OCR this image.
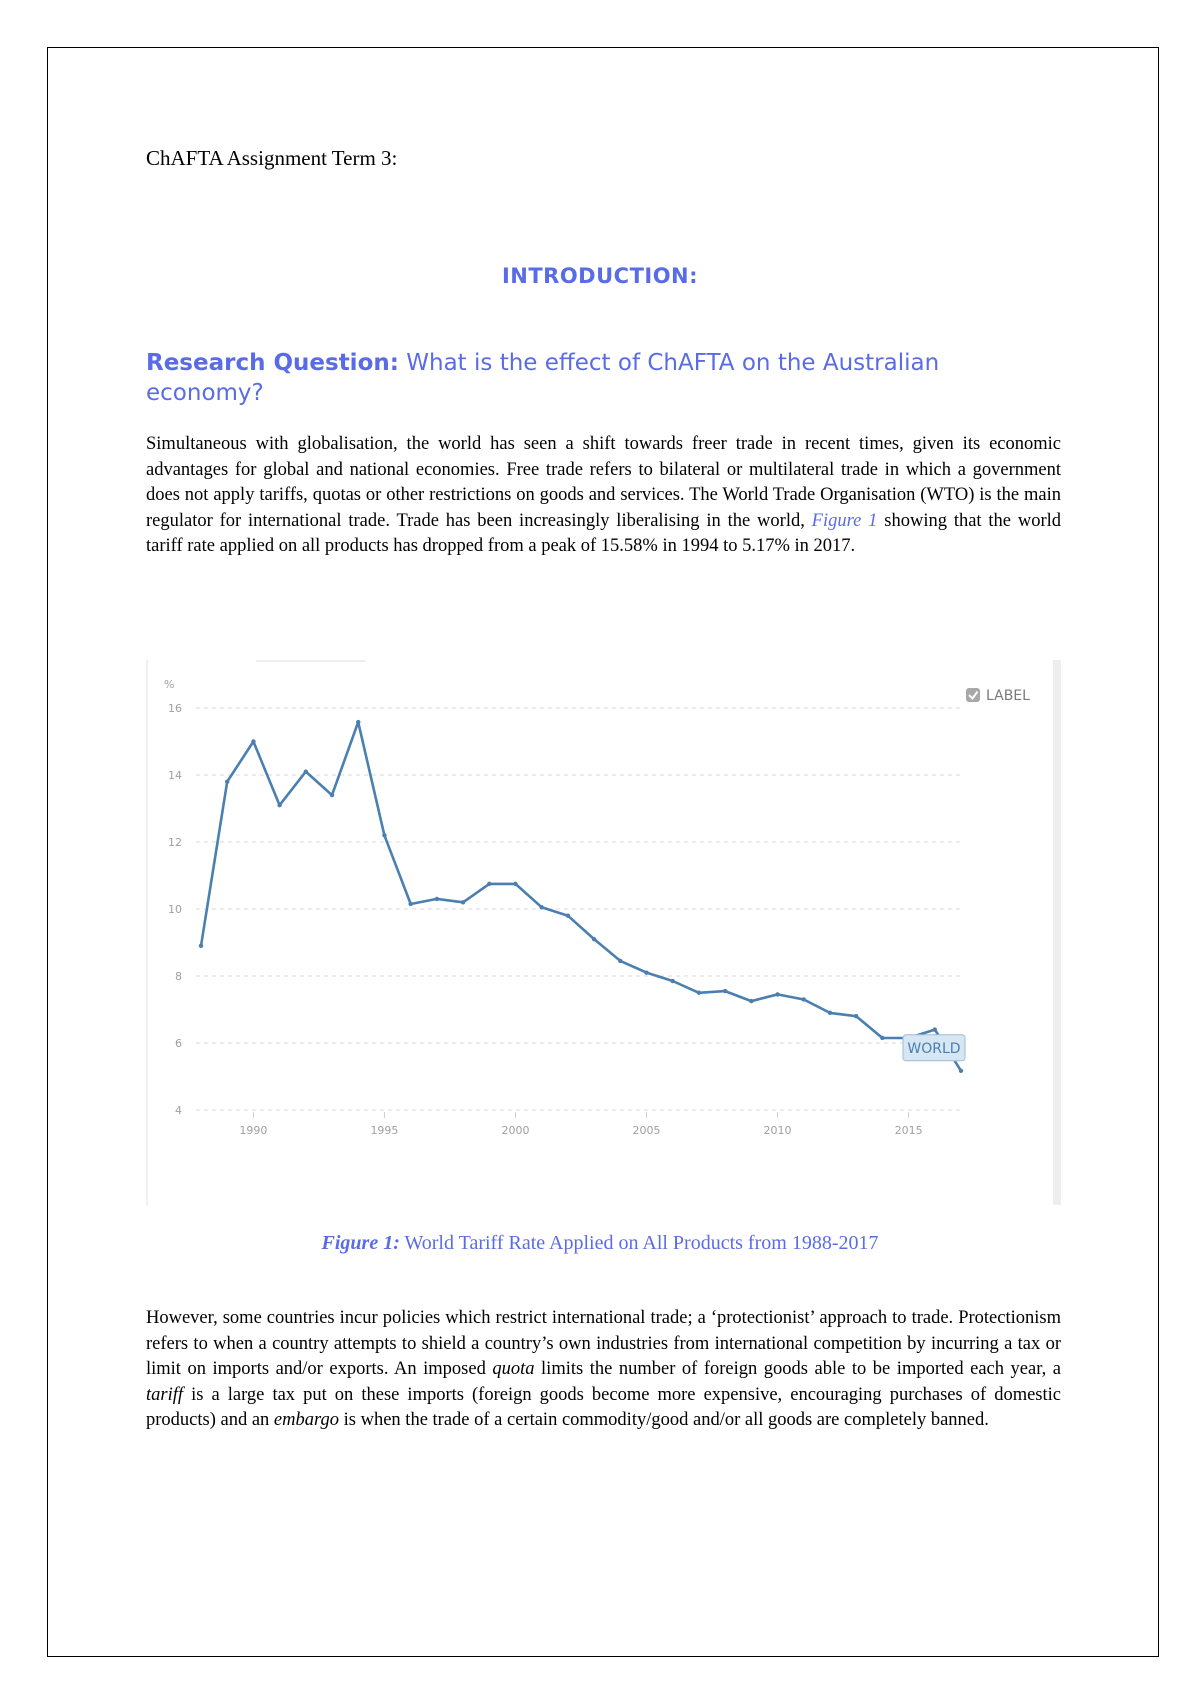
ChAFTA Assignment Term 3:
INTRODUCTION:
Research Question: What is the effect of ChAFTA on the Australian economy?
Simultaneous with globalisation, the world has seen a shift towards freer trade in recent times, given its economic advantages for global and national economies. Free trade refers to bilateral or multilateral trade in which a government does not apply tariffs, quotas or other restrictions on goods and services. The World Trade Organisation (WTO) is the main regulator for international trade. Trade has been increasingly liberalising in the world, Figure 1 showing that the world tariff rate applied on all products has dropped from a peak of 15.58% in 1994 to 5.17% in 2017.
4
6
8
10
12
14
16
1990	1995	2000	2005	2010	2015
%
LABEL
WORLD
Figure 1: World Tariff Rate Applied on All Products from 1988-2017
However, some countries incur policies which restrict international trade; a ‘protectionist’ approach to trade. Protectionism refers to when a country attempts to shield a country’s own industries from international competition by incurring a tax or limit on imports and/or exports. An imposed quota limits the number of foreign goods able to be imported each year, a tariff is a large tax put on these imports (foreign goods become more expensive, encouraging purchases of domestic products) and an embargo is when the trade of a certain commodity/good and/or all goods are completely banned.
